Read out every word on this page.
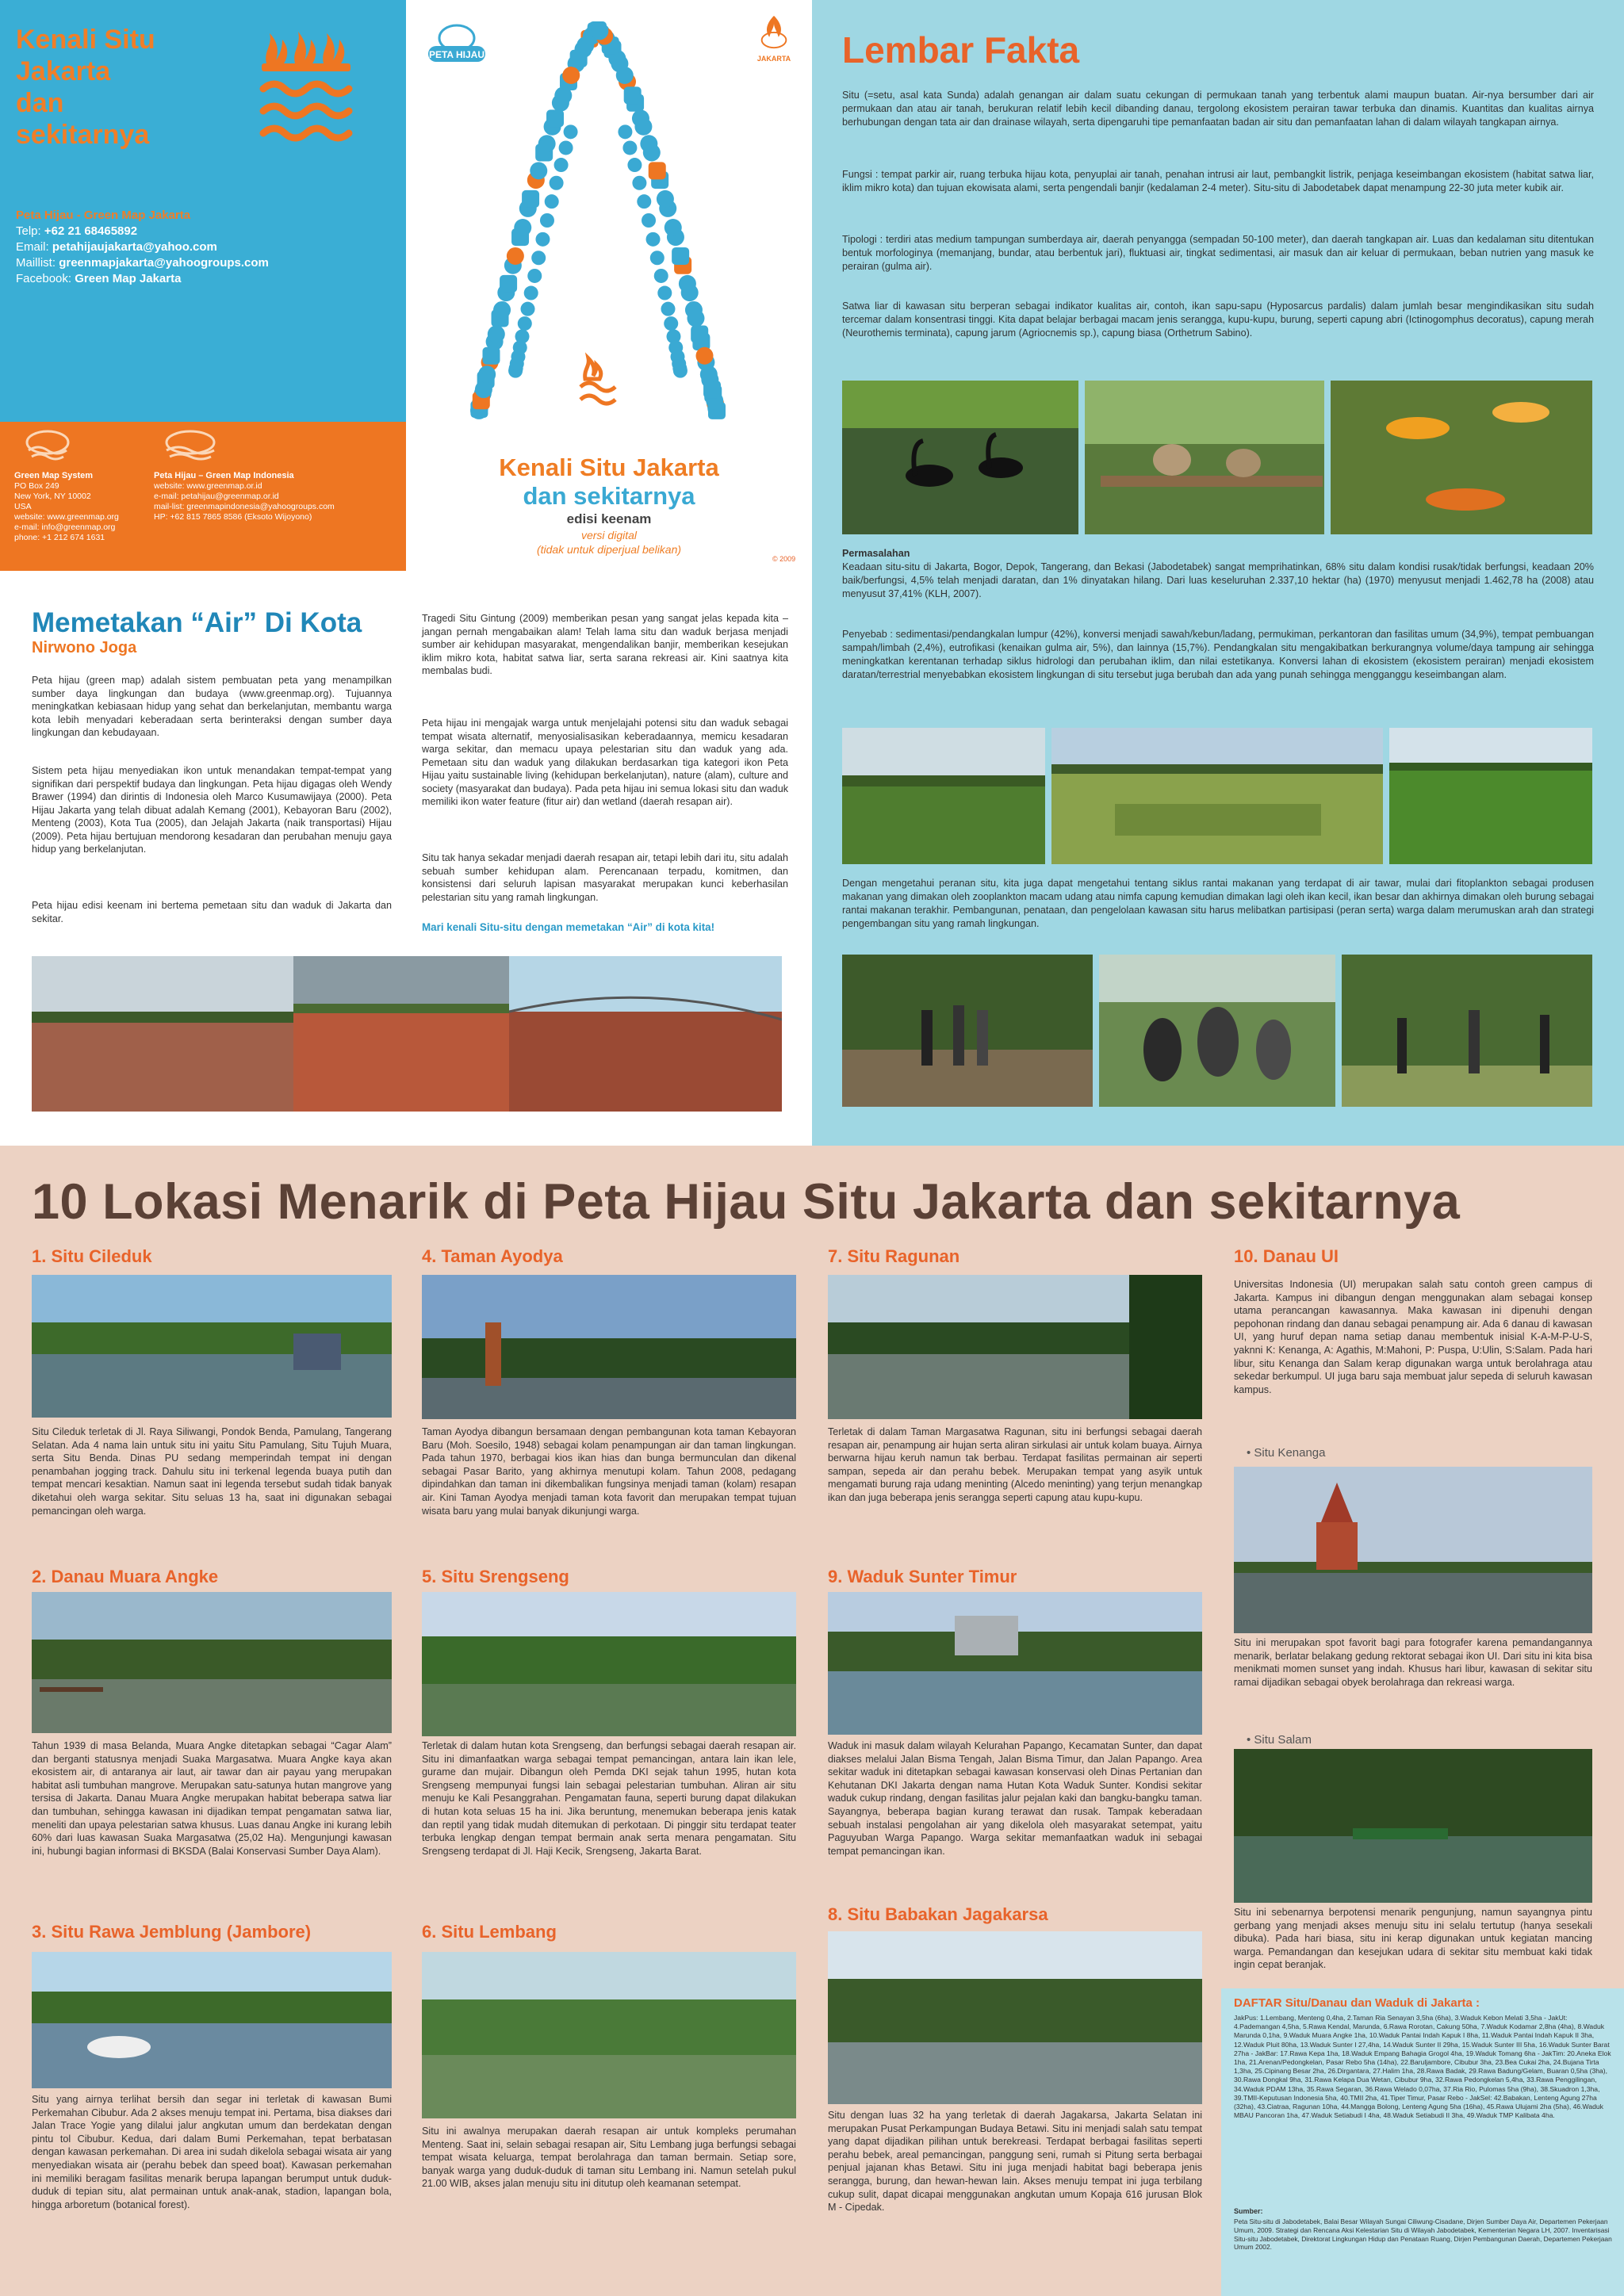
Kenali Situ
Jakarta
dan
sekitarnya
Peta Hijau - Green Map Jakarta
Telp: +62 21 68465892
Email: petahijaujakarta@yahoo.com
Maillist: greenmapjakarta@yahoogroups.com
Facebook: Green Map Jakarta
Green Map System
PO Box 249
New York, NY 10002
USA
website: www.greenmap.org
e-mail: info@greenmap.org
phone: +1 212 674 1631
Peta Hijau – Green Map Indonesia
website: www.greenmap.or.id
e-mail: petahijau@greenmap.or.id
mail-list: greenmapindonesia@yahoogroups.com
HP: +62 815 7865 8586 (Eksoto Wijoyono)
PETA HIJAU	JAKARTA
Kenali Situ Jakarta
dan sekitarnya
edisi keenam
versi digital
(tidak untuk diperjual belikan)
© 2009
Lembar Fakta

Situ (=setu, asal kata Sunda) adalah genangan air dalam suatu cekungan di permukaan tanah yang terbentuk alami maupun buatan. Air-nya bersumber dari air permukaan dan atau air tanah, berukuran relatif lebih kecil dibanding danau, tergolong ekosistem perairan tawar terbuka dan dinamis. Kuantitas dan kualitas airnya berhubungan dengan tata air dan drainase wilayah, serta dipengaruhi tipe pemanfaatan badan air situ dan pemanfaatan lahan di dalam wilayah tangkapan airnya.

Fungsi : tempat parkir air, ruang terbuka hijau kota, penyuplai air tanah, penahan intrusi air laut, pembangkit listrik, penjaga keseimbangan ekosistem (habitat satwa liar, iklim mikro kota) dan tujuan ekowisata alami, serta pengendali banjir (kedalaman 2-4 meter). Situ-situ di Jabodetabek dapat menampung 22-30 juta meter kubik air.

Tipologi : terdiri atas medium tampungan sumberdaya air, daerah penyangga (sempadan 50-100 meter), dan daerah tangkapan air. Luas dan kedalaman situ ditentukan bentuk morfologinya (memanjang, bundar, atau berbentuk jari), fluktuasi air, tingkat sedimentasi, air masuk dan air keluar di permukaan, beban nutrien yang masuk ke perairan (gulma air).

Satwa liar di kawasan situ berperan sebagai indikator kualitas air, contoh, ikan sapu-sapu (Hyposarcus pardalis) dalam jumlah besar mengindikasikan situ sudah tercemar dalam konsentrasi tinggi. Kita dapat belajar berbagai macam jenis serangga, kupu-kupu, burung, seperti capung abri (Ictinogomphus decoratus), capung merah (Neurothemis terminata), capung jarum (Agriocnemis sp.), capung biasa (Orthetrum Sabino).

Permasalahan

Keadaan situ-situ di Jakarta, Bogor, Depok, Tangerang, dan Bekasi (Jabodetabek) sangat memprihatinkan, 68% situ dalam kondisi rusak/tidak berfungsi, keadaan 20% baik/berfungsi, 4,5% telah menjadi daratan, dan 1% dinyatakan hilang. Dari luas keseluruhan 2.337,10 hektar (ha) (1970) menyusut menjadi 1.462,78 ha (2008) atau menyusut 37,41% (KLH, 2007).

Penyebab : sedimentasi/pendangkalan lumpur (42%), konversi menjadi sawah/kebun/ladang, permukiman, perkantoran dan fasilitas umum (34,9%), tempat pembuangan sampah/limbah (2,4%), eutrofikasi (kenaikan gulma air, 5%), dan lainnya (15,7%). Pendangkalan situ mengakibatkan berkurangnya volume/daya tampung air sehingga meningkatkan kerentanan terhadap siklus hidrologi dan perubahan iklim, dan nilai estetikanya. Konversi lahan di ekosistem (ekosistem perairan) menjadi ekosistem daratan/terrestrial menyebabkan ekosistem lingkungan di situ tersebut juga berubah dan ada yang punah sehingga mengganggu keseimbangan alam.

Dengan mengetahui peranan situ, kita juga dapat mengetahui tentang siklus rantai makanan yang terdapat di air tawar, mulai dari fitoplankton sebagai produsen makanan yang dimakan oleh zooplankton macam udang atau nimfa capung kemudian dimakan lagi oleh ikan kecil, ikan besar dan akhirnya dimakan oleh burung sebagai rantai makanan terakhir. Pembangunan, penataan, dan pengelolaan kawasan situ harus melibatkan partisipasi (peran serta) warga dalam merumuskan arah dan strategi pengembangan situ yang ramah lingkungan.

Memetakan “Air” Di Kota
Nirwono Joga

Peta hijau (green map) adalah sistem pembuatan peta yang menampilkan sumber daya lingkungan dan budaya (www.greenmap.org). Tujuannya meningkatkan kebiasaan hidup yang sehat dan berkelanjutan, membantu warga kota lebih menyadari keberadaan serta berinteraksi dengan sumber daya lingkungan dan kebudayaan.

Sistem peta hijau menyediakan ikon untuk menandakan tempat-tempat yang signifikan dari perspektif budaya dan lingkungan. Peta hijau digagas oleh Wendy Brawer (1994) dan dirintis di Indonesia oleh Marco Kusumawijaya (2000). Peta Hijau Jakarta yang telah dibuat adalah Kemang (2001), Kebayoran Baru (2002), Menteng (2003), Kota Tua (2005), dan Jelajah Jakarta (naik transportasi) Hijau (2009). Peta hijau bertujuan mendorong kesadaran dan perubahan menuju gaya hidup yang berkelanjutan.

Peta hijau edisi keenam ini bertema pemetaan situ dan waduk di Jakarta dan sekitar.

Tragedi Situ Gintung (2009) memberikan pesan yang sangat jelas kepada kita – jangan pernah mengabaikan alam! Telah lama situ dan waduk berjasa menjadi sumber air kehidupan masyarakat, mengendalikan banjir, memberikan kesejukan iklim mikro kota, habitat satwa liar, serta sarana rekreasi air. Kini saatnya kita membalas budi.

Peta hijau ini mengajak warga untuk menjelajahi potensi situ dan waduk sebagai tempat wisata alternatif, menyosialisasikan keberadaannya, memicu kesadaran warga sekitar, dan memacu upaya pelestarian situ dan waduk yang ada. Pemetaan situ dan waduk yang dilakukan berdasarkan tiga kategori ikon Peta Hijau yaitu sustainable living (kehidupan berkelanjutan), nature (alam), culture and society (masyarakat dan budaya). Pada peta hijau ini semua lokasi situ dan waduk memiliki ikon water feature (fitur air) dan wetland (daerah resapan air).

Situ tak hanya sekadar menjadi daerah resapan air, tetapi lebih dari itu, situ adalah sebuah sumber kehidupan alam. Perencanaan terpadu, komitmen, dan konsistensi dari seluruh lapisan masyarakat merupakan kunci keberhasilan pelestarian situ yang ramah lingkungan.

Mari kenali Situ-situ dengan memetakan “Air” di kota kita!

10 Lokasi Menarik di Peta Hijau Situ Jakarta dan sekitarnya
1. Situ Cileduk

Situ Cileduk terletak di Jl. Raya Siliwangi, Pondok Benda, Pamulang, Tangerang Selatan. Ada 4 nama lain untuk situ ini yaitu Situ Pamulang, Situ Tujuh Muara, serta Situ Benda. Dinas PU sedang memperindah tempat ini dengan penambahan jogging track. Dahulu situ ini terkenal legenda buaya putih dan tempat mencari kesaktian. Namun saat ini legenda tersebut sudah tidak banyak diketahui oleh warga sekitar. Situ seluas 13 ha, saat ini digunakan sebagai pemancingan oleh warga.

2. Danau Muara Angke

Tahun 1939 di masa Belanda, Muara Angke ditetapkan sebagai “Cagar Alam” dan berganti statusnya menjadi Suaka Margasatwa. Muara Angke kaya akan ekosistem air, di antaranya air laut, air tawar dan air payau yang merupakan habitat asli tumbuhan mangrove. Merupakan satu-satunya hutan mangrove yang tersisa di Jakarta. Danau Muara Angke merupakan habitat beberapa satwa liar dan tumbuhan, sehingga kawasan ini dijadikan tempat pengamatan satwa liar, meneliti dan upaya pelestarian satwa khusus. Luas danau Angke ini kurang lebih 60% dari luas kawasan Suaka Margasatwa (25,02 Ha). Mengunjungi kawasan ini, hubungi bagian informasi di BKSDA (Balai Konservasi Sumber Daya Alam).

3. Situ Rawa Jemblung (Jambore)

Situ yang airnya terlihat bersih dan segar ini terletak di kawasan Bumi Perkemahan Cibubur. Ada 2 akses menuju tempat ini. Pertama, bisa diakses dari Jalan Trace Yogie yang dilalui jalur angkutan umum dan berdekatan dengan pintu tol Cibubur. Kedua, dari dalam Bumi Perkemahan, tepat berbatasan dengan kawasan perkemahan. Di area ini sudah dikelola sebagai wisata air yang menyediakan wisata air (perahu bebek dan speed boat). Kawasan perkemahan ini memiliki beragam fasilitas menarik berupa lapangan berumput untuk duduk-duduk di tepian situ, alat permainan untuk anak-anak, stadion, lapangan bola, hingga arboretum (botanical forest).

4. Taman Ayodya

Taman Ayodya dibangun bersamaan dengan pembangunan kota taman Kebayoran Baru (Moh. Soesilo, 1948) sebagai kolam penampungan air dan taman lingkungan. Pada tahun 1970, berbagai kios ikan hias dan bunga bermunculan dan dikenal sebagai Pasar Barito, yang akhirnya menutupi kolam. Tahun 2008, pedagang dipindahkan dan taman ini dikembalikan fungsinya menjadi taman (kolam) resapan air. Kini Taman Ayodya menjadi taman kota favorit dan merupakan tempat tujuan wisata baru yang mulai banyak dikunjungi warga.

5. Situ Srengseng

Terletak di dalam hutan kota Srengseng, dan berfungsi sebagai daerah resapan air. Situ ini dimanfaatkan warga sebagai tempat pemancingan, antara lain ikan lele, gurame dan mujair. Dibangun oleh Pemda DKI sejak tahun 1995, hutan kota Srengseng mempunyai fungsi lain sebagai pelestarian tumbuhan. Aliran air situ menuju ke Kali Pesanggrahan. Pengamatan fauna, seperti burung dapat dilakukan di hutan kota seluas 15 ha ini. Jika beruntung, menemukan beberapa jenis katak dan reptil yang tidak mudah ditemukan di perkotaan. Di pinggir situ terdapat teater terbuka lengkap dengan tempat bermain anak serta menara pengamatan. Situ Srengseng terdapat di Jl. Haji Kecik, Srengseng, Jakarta Barat.

6. Situ Lembang

Situ ini awalnya merupakan daerah resapan air untuk kompleks perumahan Menteng. Saat ini, selain sebagai resapan air, Situ Lembang juga berfungsi sebagai tempat wisata keluarga, tempat berolahraga dan taman bermain. Setiap sore, banyak warga yang duduk-duduk di taman situ Lembang ini. Namun setelah pukul 21.00 WIB, akses jalan menuju situ ini ditutup oleh keamanan setempat.

7. Situ Ragunan

Terletak di dalam Taman Margasatwa Ragunan, situ ini berfungsi sebagai daerah resapan air, penampung air hujan serta aliran sirkulasi air untuk kolam buaya. Airnya berwarna hijau keruh namun tak berbau. Terdapat fasilitas permainan air seperti sampan, sepeda air dan perahu bebek. Merupakan tempat yang asyik untuk mengamati burung raja udang meninting (Alcedo meninting) yang terjun menangkap ikan dan juga beberapa jenis serangga seperti capung atau kupu-kupu.

9. Waduk Sunter Timur

Waduk ini masuk dalam wilayah Kelurahan Papango, Kecamatan Sunter, dan dapat diakses melalui Jalan Bisma Tengah, Jalan Bisma Timur, dan Jalan Papango. Area sekitar waduk ini ditetapkan sebagai kawasan konservasi oleh Dinas Pertanian dan Kehutanan DKI Jakarta dengan nama Hutan Kota Waduk Sunter. Kondisi sekitar waduk cukup rindang, dengan fasilitas jalur pejalan kaki dan bangku-bangku taman. Sayangnya, beberapa bagian kurang terawat dan rusak. Tampak keberadaan sebuah instalasi pengolahan air yang dikelola oleh masyarakat setempat, yaitu Paguyuban Warga Papango. Warga sekitar memanfaatkan waduk ini sebagai tempat pemancingan ikan.

8. Situ Babakan Jagakarsa

Situ dengan luas 32 ha yang terletak di daerah Jagakarsa, Jakarta Selatan ini merupakan Pusat Perkampungan Budaya Betawi. Situ ini menjadi salah satu tempat yang dapat dijadikan pilihan untuk berekreasi. Terdapat berbagai fasilitas seperti perahu bebek, areal pemancingan, panggung seni, rumah si Pitung serta berbagai penjual jajanan khas Betawi. Situ ini juga menjadi habitat bagi beberapa jenis serangga, burung, dan hewan-hewan lain. Akses menuju tempat ini juga terbilang cukup sulit, dapat dicapai menggunakan angkutan umum Kopaja 616 jurusan Blok M - Cipedak.

10. Danau UI

Universitas Indonesia (UI) merupakan salah satu contoh green campus di Jakarta. Kampus ini dibangun dengan menggunakan alam sebagai konsep utama perancangan kawasannya. Maka kawasan ini dipenuhi dengan pepohonan rindang dan danau sebagai penampung air. Ada 6 danau di kawasan UI, yang huruf depan nama setiap danau membentuk inisial K-A-M-P-U-S, yaknni K: Kenanga, A: Agathis, M:Mahoni, P: Puspa, U:Ulin, S:Salam. Pada hari libur, situ Kenanga dan Salam kerap digunakan warga untuk berolahraga atau sekedar berkumpul. UI juga baru saja membuat jalur sepeda di seluruh kawasan kampus.

• Situ Kenanga

Situ ini merupakan spot favorit bagi para fotografer karena pemandangannya menarik, berlatar belakang gedung rektorat sebagai ikon UI. Dari situ ini kita bisa menikmati momen sunset yang indah. Khusus hari libur, kawasan di sekitar situ ramai dijadikan sebagai obyek berolahraga dan rekreasi warga.

• Situ Salam

Situ ini sebenarnya berpotensi menarik pengunjung, namun sayangnya pintu gerbang yang menjadi akses menuju situ ini selalu tertutup (hanya sesekali dibuka). Pada hari biasa, situ ini kerap digunakan untuk kegiatan mancing warga. Pemandangan dan kesejukan udara di sekitar situ membuat kaki tidak ingin cepat beranjak.

DAFTAR Situ/Danau dan Waduk di Jakarta :

JakPus: 1.Lembang, Menteng 0,4ha, 2.Taman Ria Senayan 3,5ha (6ha), 3.Waduk Kebon Melati 3,5ha - JakUt: 4.Pademangan 4,5ha, 5.Rawa Kendal, Marunda, 6.Rawa Rorotan, Cakung 50ha, 7.Waduk Kodamar 2,8ha (4ha), 8.Waduk Marunda 0,1ha, 9.Waduk Muara Angke 1ha, 10.Waduk Pantai Indah Kapuk I 8ha, 11.Waduk Pantai Indah Kapuk II 3ha, 12.Waduk Pluit 80ha, 13.Waduk Sunter I 27,4ha, 14.Waduk Sunter II 29ha, 15.Waduk Sunter III 5ha, 16.Waduk Sunter Barat 27ha - JakBar: 17.Rawa Kepa 1ha, 18.Waduk Empang Bahagia Grogol 4ha, 19.Waduk Tomang 6ha - JakTim: 20.Aneka Elok 1ha, 21.Arenan/Pedongkelan, Pasar Rebo 5ha (14ha), 22.Baruljambore, Cibubur 3ha, 23.Bea Cukai 2ha, 24.Bujana Tirta 1,3ha, 25.Cipinang Besar 2ha, 26.Dirgantara, 27.Halim 1ha, 28.Rawa Badak, 29.Rawa Badung/Gelam, Buaran 0,5ha (3ha), 30.Rawa Dongkal 9ha, 31.Rawa Kelapa Dua Wetan, Cibubur 9ha, 32.Rawa Pedongkelan 5,4ha, 33.Rawa Penggilingan, 34.Waduk PDAM 13ha, 35.Rawa Segaran, 36.Rawa Welado 0,07ha, 37.Ria Rio, Pulomas 5ha (9ha), 38.Skuadron 1,3ha, 39.TMII-Keputusan Indonesia 5ha, 40.TMII 2ha, 41.Tiper Timur, Pasar Rebo - JakSel: 42.Babakan, Lenteng Agung 27ha (32ha), 43.Ciatraa, Ragunan 10ha, 44.Mangga Bolong, Lenteng Agung 5ha (16ha), 45.Rawa Ulujami 2ha (5ha), 46.Waduk MBAU Pancoran 1ha, 47.Waduk Setiabudi I 4ha, 48.Waduk Setiabudi II 3ha, 49.Waduk TMP Kalibata 4ha.

Sumber:

Peta Situ-situ di Jabodetabek, Balai Besar Wilayah Sungai Ciliwung-Cisadane, Dirjen Sumber Daya Air, Departemen Pekerjaan Umum, 2009. Strategi dan Rencana Aksi Kelestarian Situ di Wilayah Jabodetabek, Kementerian Negara LH, 2007. Inventarisasi Situ-situ Jabodetabek, Direktorat Lingkungan Hidup dan Penataan Ruang, Dirjen Pembangunan Daerah, Departemen Pekerjaan Umum 2002.
